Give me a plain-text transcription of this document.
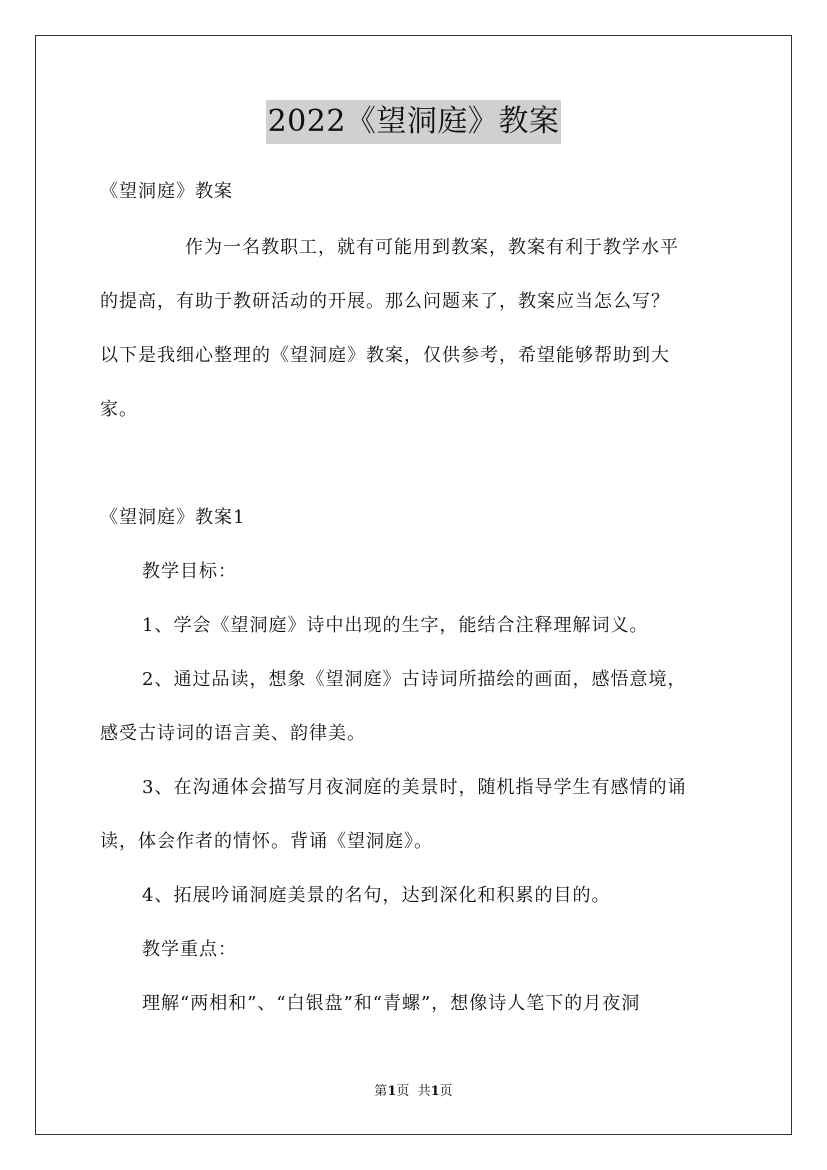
2022《望洞庭》教案
《望洞庭》教案
作为一名教职工，就有可能用到教案，教案有利于教学水平
的提高，有助于教研活动的开展。那么问题来了，教案应当怎么写？
以下是我细心整理的《望洞庭》教案，仅供参考，希望能够帮助到大
家。
《望洞庭》教案1
教学目标：
1、学会《望洞庭》诗中出现的生字，能结合注释理解词义。
2、通过品读，想象《望洞庭》古诗词所描绘的画面，感悟意境，
感受古诗词的语言美、韵律美。
3、在沟通体会描写月夜洞庭的美景时，随机指导学生有感情的诵
读，体会作者的情怀。背诵《望洞庭》。
4、拓展吟诵洞庭美景的名句，达到深化和积累的目的。
教学重点：
理解“两相和”、“白银盘”和“青螺”，想像诗人笔下的月夜洞
第1页  共1页
